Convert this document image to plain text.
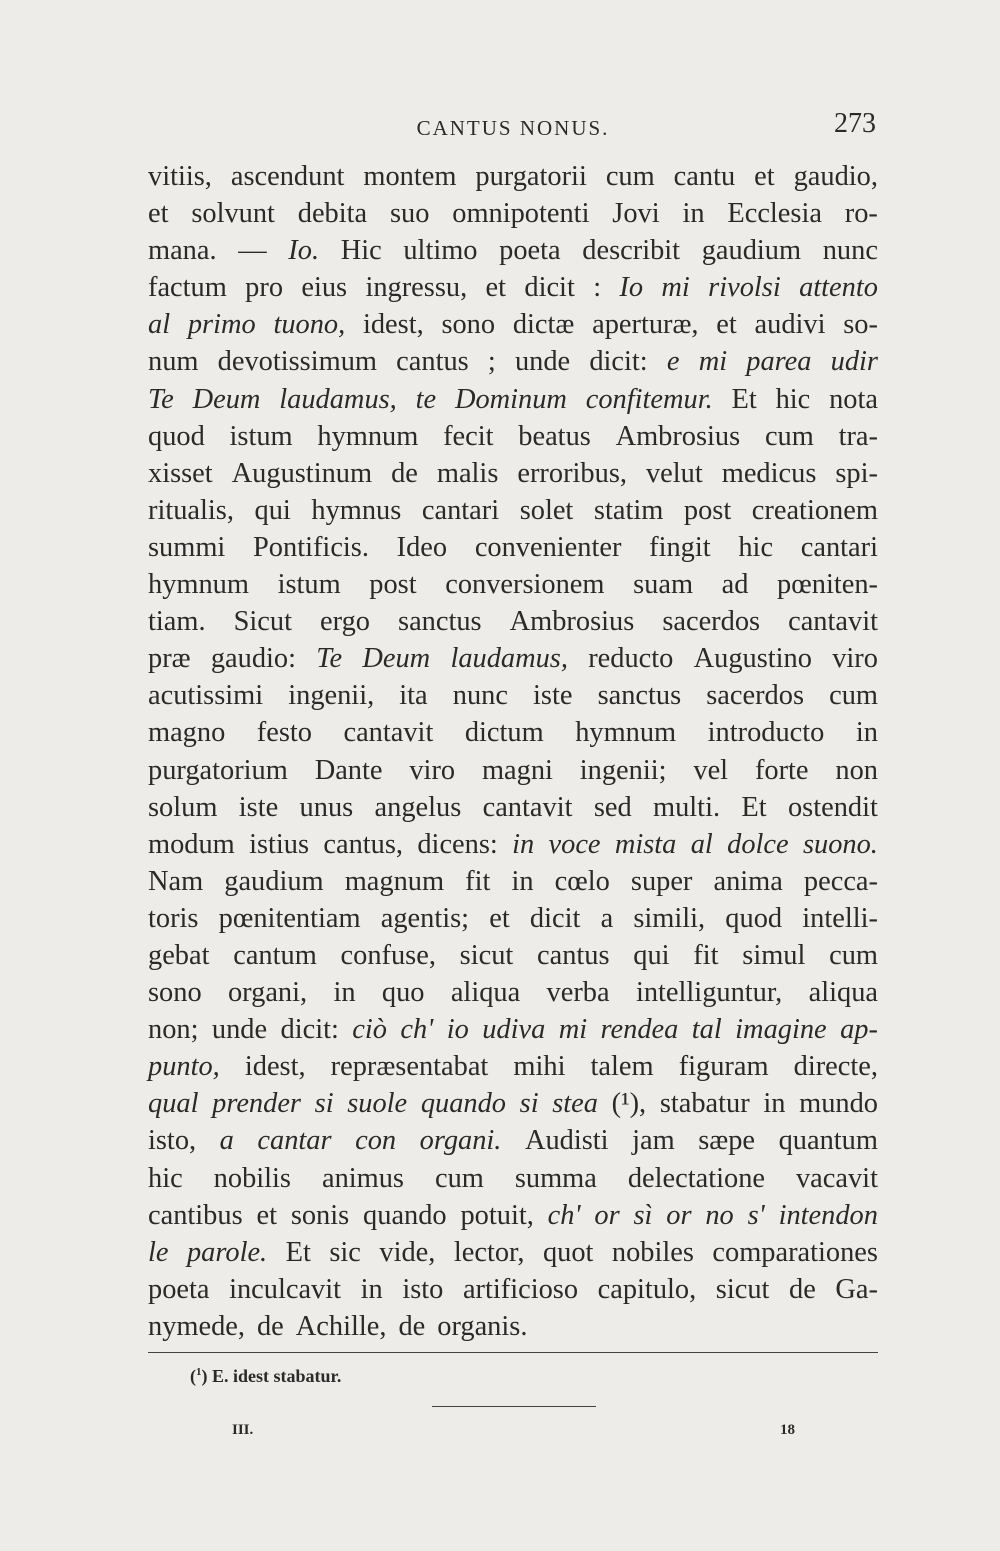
CANTUS NONUS.	273
vitiis, ascendunt montem purgatorii cum cantu et gaudio,
et solvunt debita suo omnipotenti Jovi in Ecclesia ro-
mana. — Io. Hic ultimo poeta describit gaudium nunc
factum pro eius ingressu, et dicit : Io mi rivolsi attento
al primo tuono, idest, sono dictæ aperturæ, et audivi so-
num devotissimum cantus ; unde dicit: e mi parea udir
Te Deum laudamus, te Dominum confitemur. Et hic nota
quod istum hymnum fecit beatus Ambrosius cum tra-
xisset Augustinum de malis erroribus, velut medicus spi-
ritualis, qui hymnus cantari solet statim post creationem
summi Pontificis. Ideo convenienter fingit hic cantari
hymnum istum post conversionem suam ad pœniten-
tiam. Sicut ergo sanctus Ambrosius sacerdos cantavit
præ gaudio: Te Deum laudamus, reducto Augustino viro
acutissimi ingenii, ita nunc iste sanctus sacerdos cum
magno festo cantavit dictum hymnum introducto in
purgatorium Dante viro magni ingenii; vel forte non
solum iste unus angelus cantavit sed multi. Et ostendit
modum istius cantus, dicens: in voce mista al dolce suono.
Nam gaudium magnum fit in cœlo super anima pecca-
toris pœnitentiam agentis; et dicit a simili, quod intelli-
gebat cantum confuse, sicut cantus qui fit simul cum
sono organi, in quo aliqua verba intelliguntur, aliqua
non; unde dicit: ciò ch' io udiva mi rendea tal imagine ap-
punto, idest, repræsentabat mihi talem figuram directe,
qual prender si suole quando si stea (¹), stabatur in mundo
isto, a cantar con organi. Audisti jam sæpe quantum
hic nobilis animus cum summa delectatione vacavit
cantibus et sonis quando potuit, ch' or sì or no s' intendon
le parole. Et sic vide, lector, quot nobiles comparationes
poeta inculcavit in isto artificioso capitulo, sicut de Ga-
nymede, de Achille, de organis.
($^1$) E. idest stabatur.
III.	18
